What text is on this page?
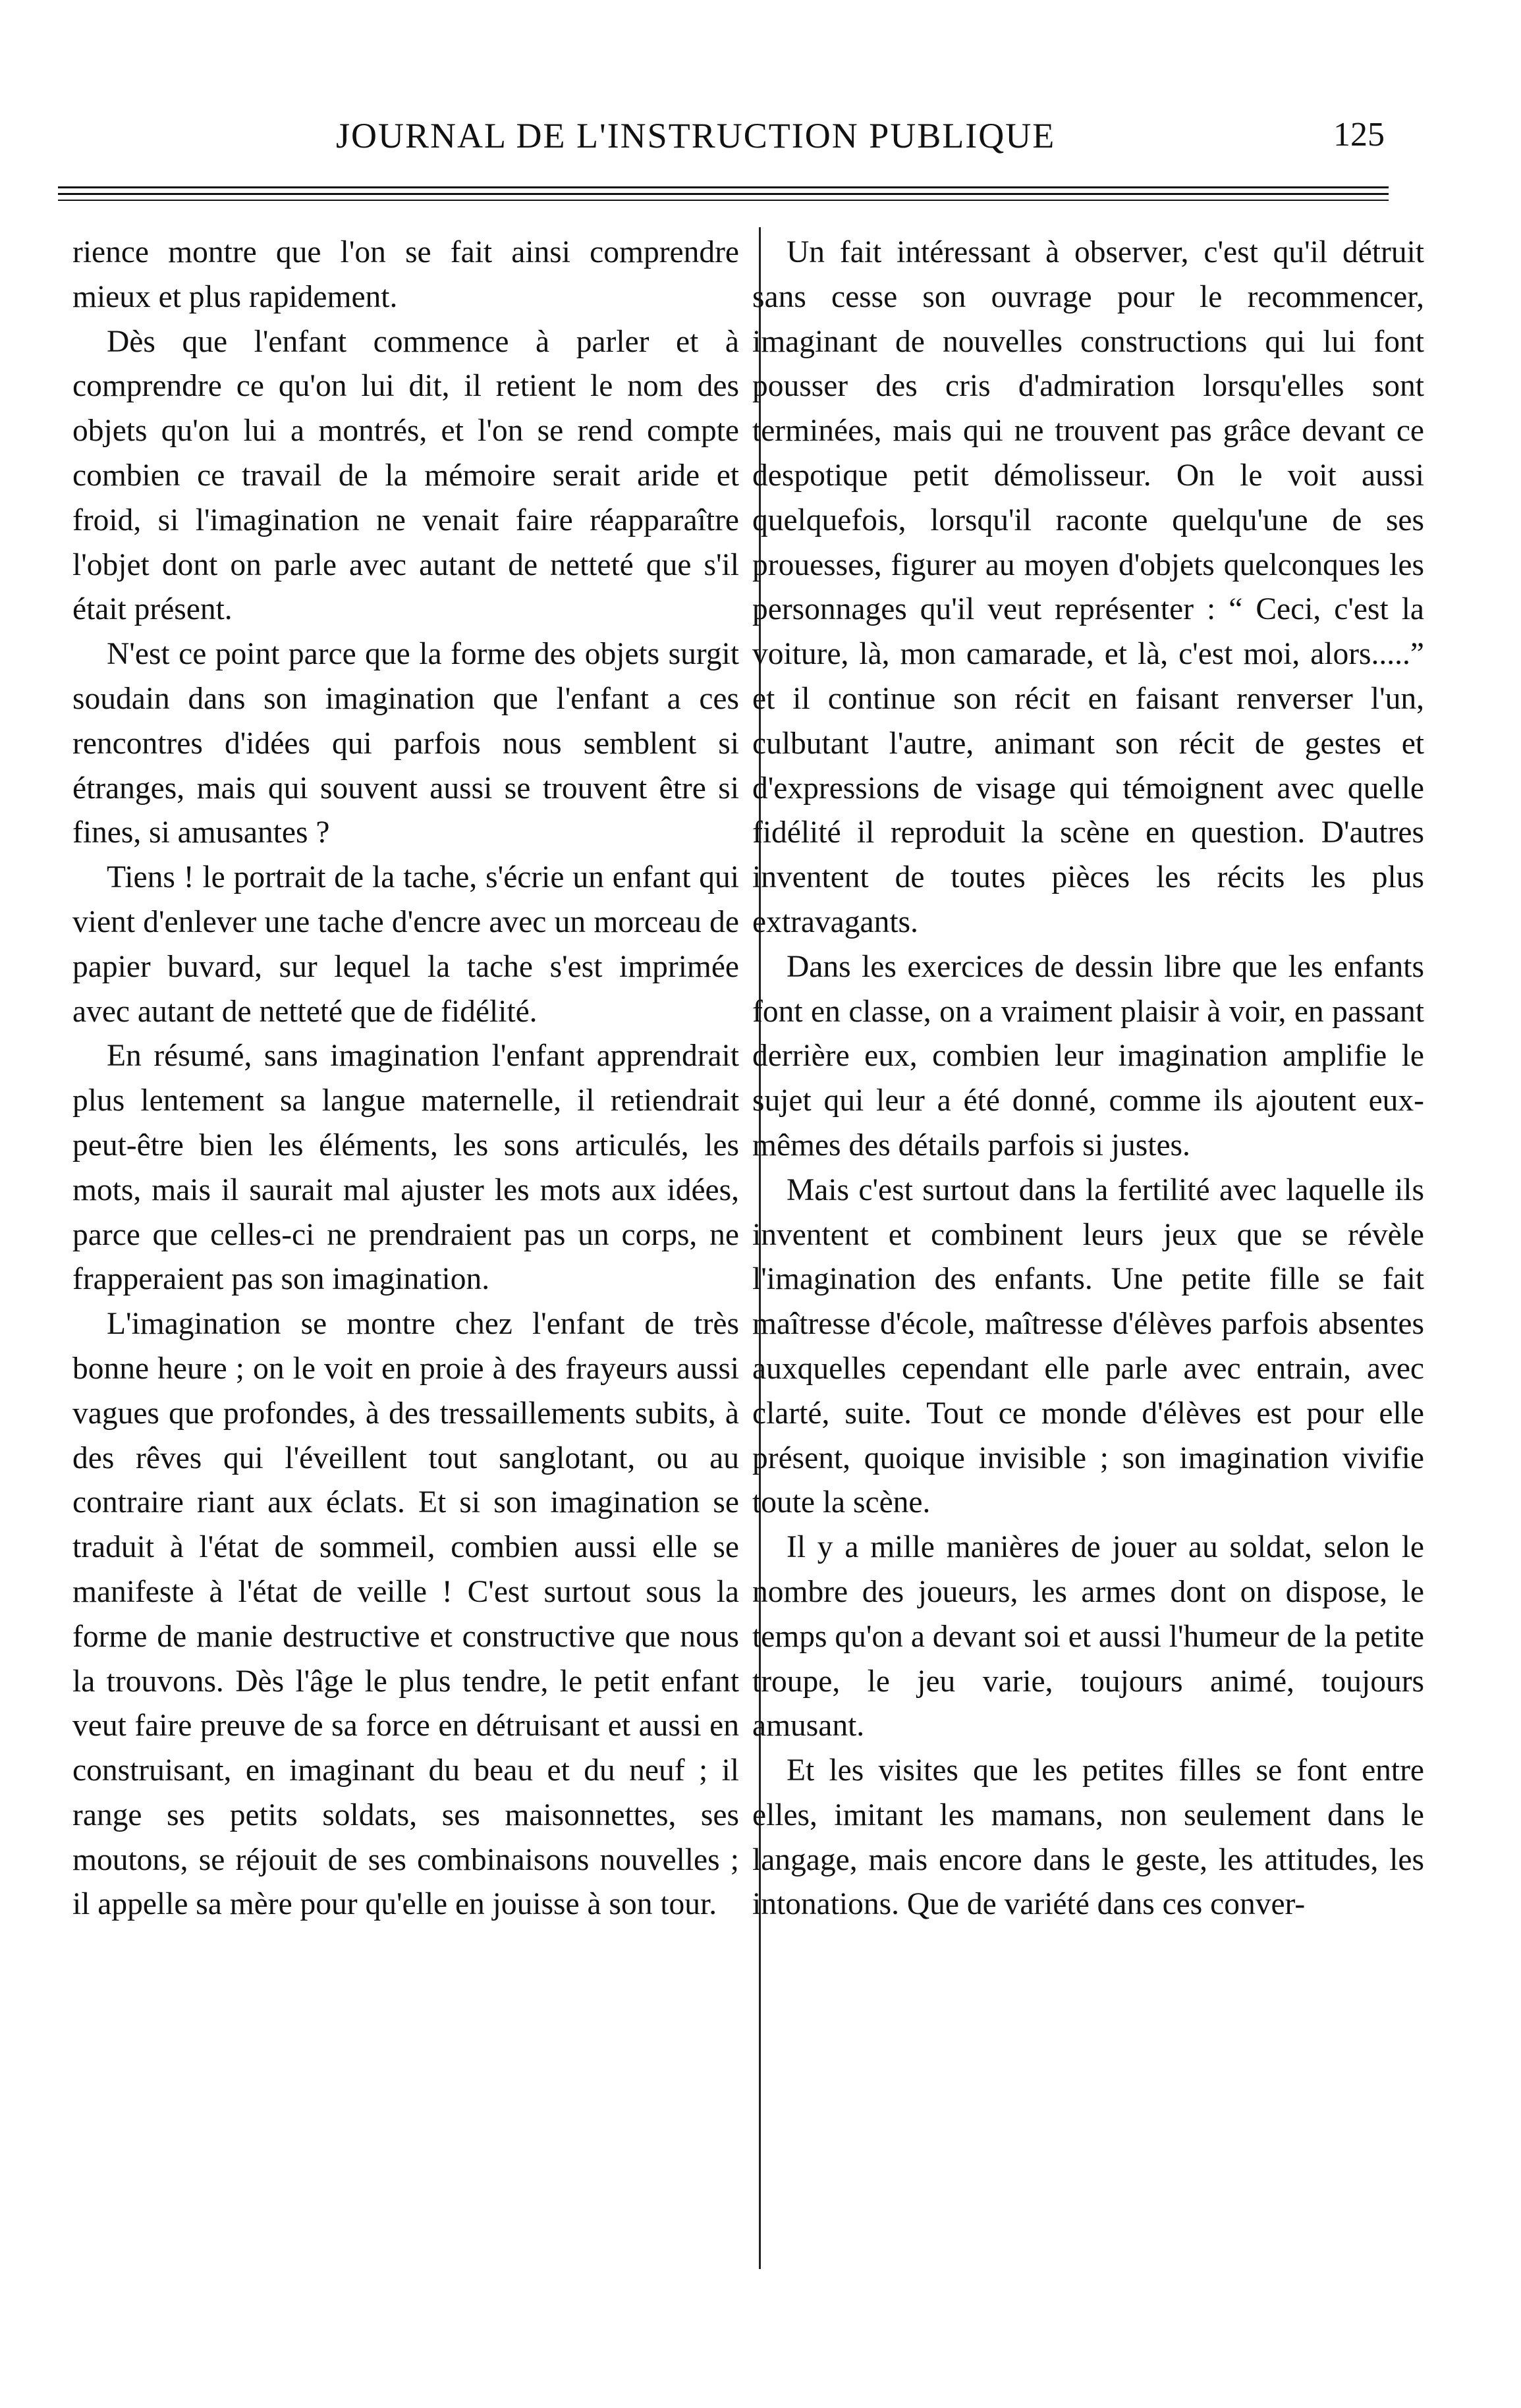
JOURNAL DE L'INSTRUCTION PUBLIQUE	125

rience montre que l'on se fait ainsi comprendre mieux et plus rapidement.

Dès que l'enfant commence à parler et à comprendre ce qu'on lui dit, il retient le nom des objets qu'on lui a montrés, et l'on se rend compte combien ce travail de la mémoire serait aride et froid, si l'imagination ne venait faire réapparaître l'objet dont on parle avec autant de netteté que s'il était présent.

N'est ce point parce que la forme des objets surgit soudain dans son imagination que l'enfant a ces rencontres d'idées qui parfois nous semblent si étranges, mais qui souvent aussi se trouvent être si fines, si amusantes ?

Tiens ! le portrait de la tache, s'écrie un enfant qui vient d'enlever une tache d'encre avec un morceau de papier buvard, sur lequel la tache s'est imprimée avec autant de netteté que de fidélité.

En résumé, sans imagination l'enfant apprendrait plus lentement sa langue maternelle, il retiendrait peut-être bien les éléments, les sons articulés, les mots, mais il saurait mal ajuster les mots aux idées, parce que celles-ci ne prendraient pas un corps, ne frapperaient pas son imagination.

L'imagination se montre chez l'enfant de très bonne heure ; on le voit en proie à des frayeurs aussi vagues que profondes, à des tressaillements subits, à des rêves qui l'éveillent tout sanglotant, ou au contraire riant aux éclats. Et si son imagination se traduit à l'état de sommeil, combien aussi elle se manifeste à l'état de veille ! C'est surtout sous la forme de manie destructive et constructive que nous la trouvons. Dès l'âge le plus tendre, le petit enfant veut faire preuve de sa force en détruisant et aussi en construisant, en imaginant du beau et du neuf ; il range ses petits soldats, ses maisonnettes, ses moutons, se réjouit de ses combinaisons nouvelles ; il appelle sa mère pour qu'elle en jouisse à son tour.

Un fait intéressant à observer, c'est qu'il détruit sans cesse son ouvrage pour le recommencer, imaginant de nouvelles constructions qui lui font pousser des cris d'admiration lorsqu'elles sont terminées, mais qui ne trouvent pas grâce devant ce despotique petit démolisseur. On le voit aussi quelquefois, lorsqu'il raconte quelqu'une de ses prouesses, figurer au moyen d'objets quelconques les personnages qu'il veut représenter : “ Ceci, c'est la voiture, là, mon camarade, et là, c'est moi, alors.....” et il continue son récit en faisant renverser l'un, culbutant l'autre, animant son récit de gestes et d'expressions de visage qui témoignent avec quelle fidélité il reproduit la scène en question. D'autres inventent de toutes pièces les récits les plus extravagants.

Dans les exercices de dessin libre que les enfants font en classe, on a vraiment plaisir à voir, en passant derrière eux, combien leur imagination amplifie le sujet qui leur a été donné, comme ils ajoutent eux-mêmes des détails parfois si justes.

Mais c'est surtout dans la fertilité avec laquelle ils inventent et combinent leurs jeux que se révèle l'imagination des enfants. Une petite fille se fait maîtresse d'école, maîtresse d'élèves parfois absentes auxquelles cependant elle parle avec entrain, avec clarté, suite. Tout ce monde d'élèves est pour elle présent, quoique invisible ; son imagination vivifie toute la scène.

Il y a mille manières de jouer au soldat, selon le nombre des joueurs, les armes dont on dispose, le temps qu'on a devant soi et aussi l'humeur de la petite troupe, le jeu varie, toujours animé, toujours amusant.

Et les visites que les petites filles se font entre elles, imitant les mamans, non seulement dans le langage, mais encore dans le geste, les attitudes, les intonations. Que de variété dans ces conver-
